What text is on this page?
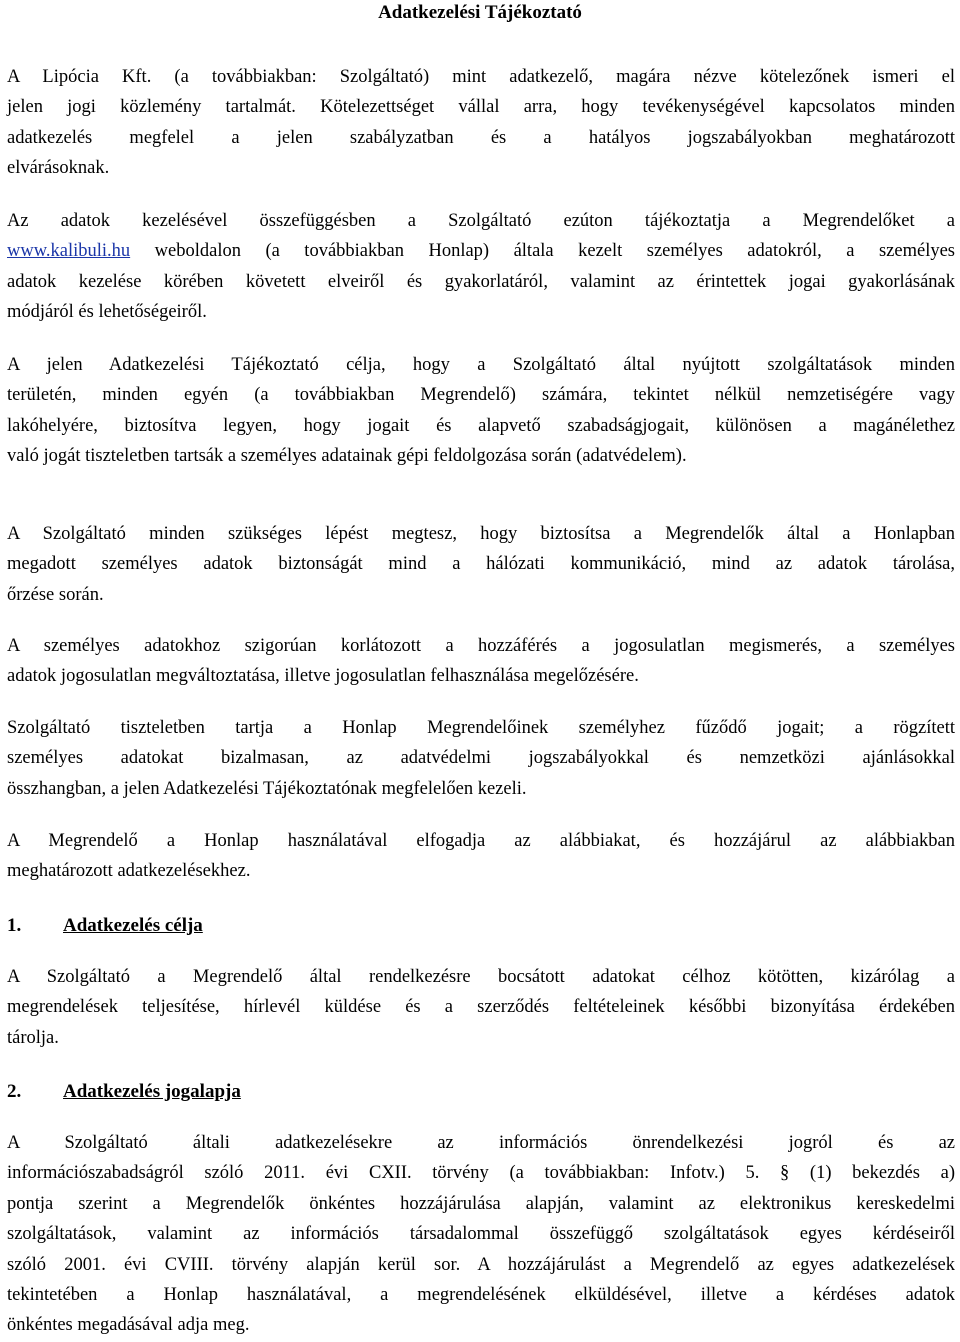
Adatkezelési Tájékoztató
A Lipócia Kft. (a továbbiakban: Szolgáltató) mint adatkezelő, magára nézve kötelezőnek ismeri el
jelen jogi közlemény tartalmát. Kötelezettséget vállal arra, hogy tevékenységével kapcsolatos minden
adatkezelés megfelel a jelen szabályzatban és a hatályos jogszabályokban meghatározott
elvárásoknak.
Az adatok kezelésével összefüggésben a Szolgáltató ezúton tájékoztatja a Megrendelőket a
www.kalibuli.hu weboldalon (a továbbiakban Honlap) általa kezelt személyes adatokról, a személyes
adatok kezelése körében követett elveiről és gyakorlatáról, valamint az érintettek jogai gyakorlásának
módjáról és lehetőségeiről.
A jelen Adatkezelési Tájékoztató célja, hogy a Szolgáltató által nyújtott szolgáltatások minden
területén, minden egyén (a továbbiakban Megrendelő) számára, tekintet nélkül nemzetiségére vagy
lakóhelyére, biztosítva legyen, hogy jogait és alapvető szabadságjogait, különösen a magánélethez
való jogát tiszteletben tartsák a személyes adatainak gépi feldolgozása során (adatvédelem).
A Szolgáltató minden szükséges lépést megtesz, hogy biztosítsa a Megrendelők által a Honlapban
megadott személyes adatok biztonságát mind a hálózati kommunikáció, mind az adatok tárolása,
őrzése során.
A személyes adatokhoz szigorúan korlátozott a hozzáférés a jogosulatlan megismerés, a személyes
adatok jogosulatlan megváltoztatása, illetve jogosulatlan felhasználása megelőzésére.
Szolgáltató tiszteletben tartja a Honlap Megrendelőinek személyhez fűződő jogait; a rögzített
személyes adatokat bizalmasan, az adatvédelmi jogszabályokkal és nemzetközi ajánlásokkal
összhangban, a jelen Adatkezelési Tájékoztatónak megfelelően kezeli.
A Megrendelő a Honlap használatával elfogadja az alábbiakat, és hozzájárul az alábbiakban
meghatározott adatkezelésekhez.
1. Adatkezelés célja
A Szolgáltató a Megrendelő által rendelkezésre bocsátott adatokat célhoz kötötten, kizárólag a
megrendelések teljesítése, hírlevél küldése és a szerződés feltételeinek későbbi bizonyítása érdekében
tárolja.
2. Adatkezelés jogalapja
A Szolgáltató általi adatkezelésekre az információs önrendelkezési jogról és az
információszabadságról szóló 2011. évi CXII. törvény (a továbbiakban: Infotv.) 5. § (1) bekezdés a)
pontja szerint a Megrendelők önkéntes hozzájárulása alapján, valamint az elektronikus kereskedelmi
szolgáltatások, valamint az információs társadalommal összefüggő szolgáltatások egyes kérdéseiről
szóló 2001. évi CVIII. törvény alapján kerül sor. A hozzájárulást a Megrendelő az egyes adatkezelések
tekintetében a Honlap használatával, a megrendelésének elküldésével, illetve a kérdéses adatok
önkéntes megadásával adja meg.
